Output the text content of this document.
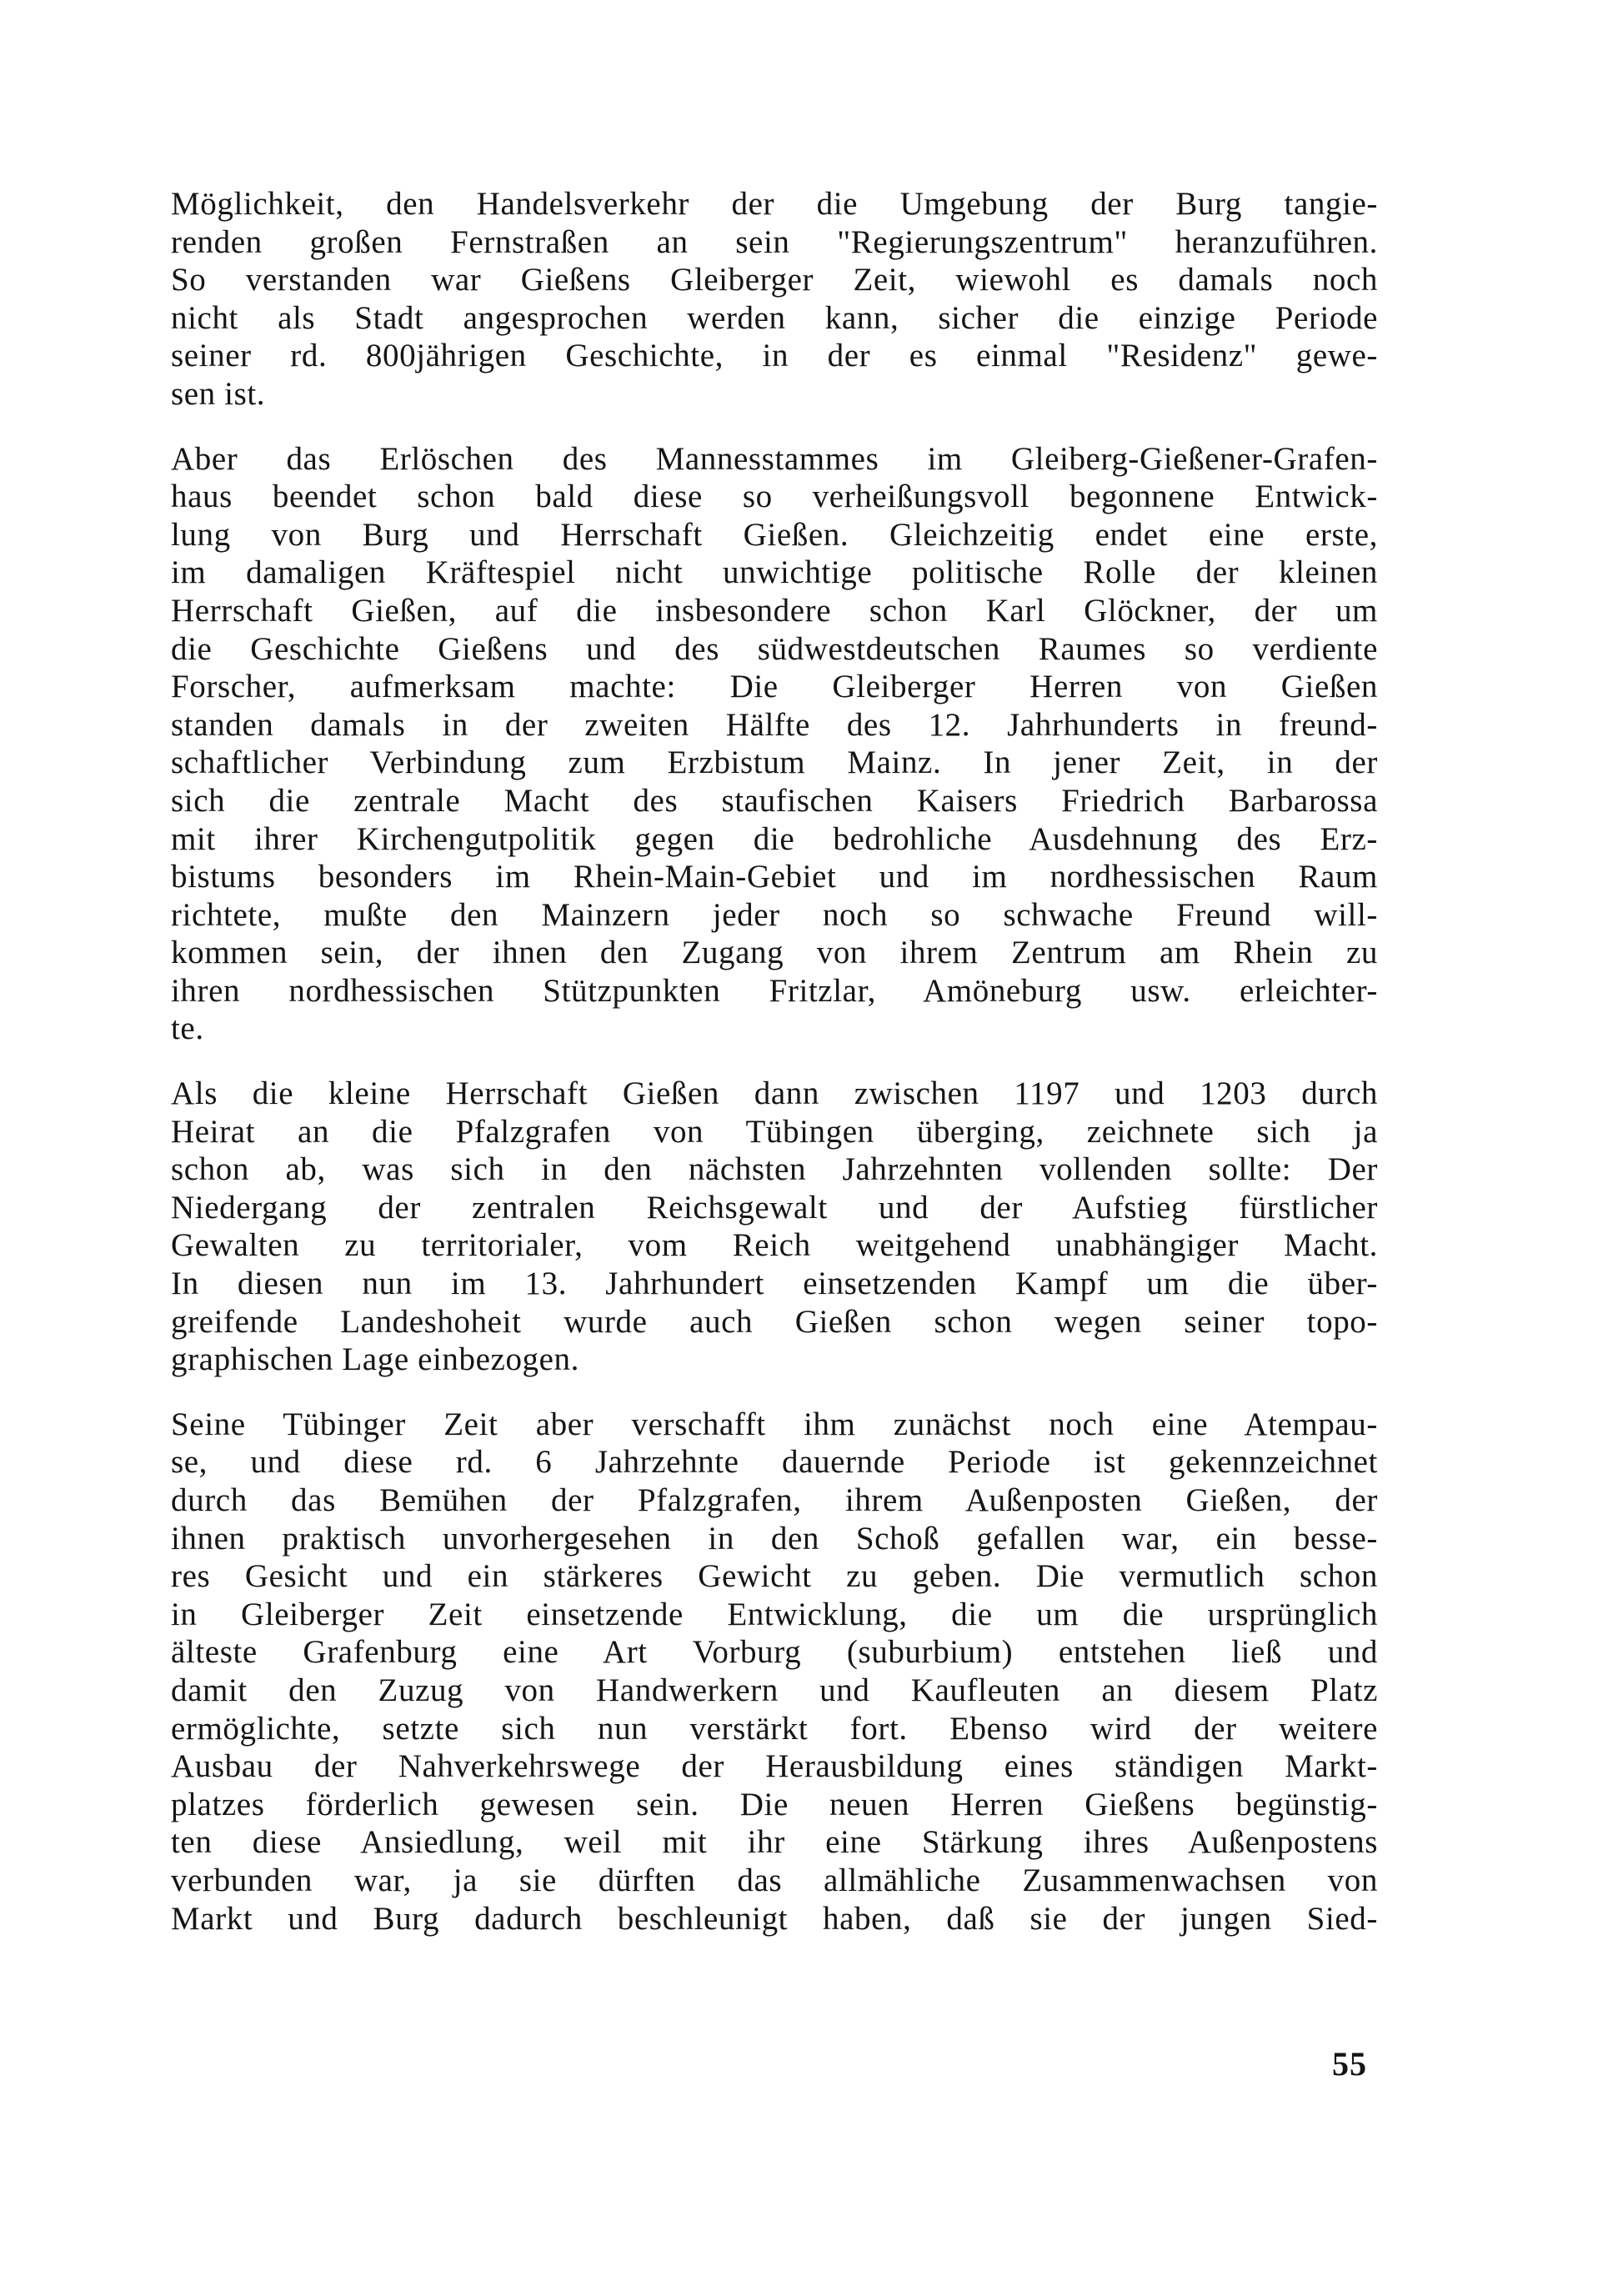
Möglichkeit, den Handelsverkehr der die Umgebung der Burg tangie-
renden großen Fernstraßen an sein "Regierungszentrum" heranzuführen.
So verstanden war Gießens Gleiberger Zeit, wiewohl es damals noch
nicht als Stadt angesprochen werden kann, sicher die einzige Periode
seiner rd. 800jährigen Geschichte, in der es einmal "Residenz" gewe-
sen ist.

Aber das Erlöschen des Mannesstammes im Gleiberg-Gießener-Grafen-
haus beendet schon bald diese so verheißungsvoll begonnene Entwick-
lung von Burg und Herrschaft Gießen. Gleichzeitig endet eine erste,
im damaligen Kräftespiel nicht unwichtige politische Rolle der kleinen
Herrschaft Gießen, auf die insbesondere schon Karl Glöckner, der um
die Geschichte Gießens und des südwestdeutschen Raumes so verdiente
Forscher, aufmerksam machte: Die Gleiberger Herren von Gießen
standen damals in der zweiten Hälfte des 12. Jahrhunderts in freund-
schaftlicher Verbindung zum Erzbistum Mainz. In jener Zeit, in der
sich die zentrale Macht des staufischen Kaisers Friedrich Barbarossa
mit ihrer Kirchengutpolitik gegen die bedrohliche Ausdehnung des Erz-
bistums besonders im Rhein-Main-Gebiet und im nordhessischen Raum
richtete, mußte den Mainzern jeder noch so schwache Freund will-
kommen sein, der ihnen den Zugang von ihrem Zentrum am Rhein zu
ihren nordhessischen Stützpunkten Fritzlar, Amöneburg usw. erleichter-
te.

Als die kleine Herrschaft Gießen dann zwischen 1197 und 1203 durch
Heirat an die Pfalzgrafen von Tübingen überging, zeichnete sich ja
schon ab, was sich in den nächsten Jahrzehnten vollenden sollte: Der
Niedergang der zentralen Reichsgewalt und der Aufstieg fürstlicher
Gewalten zu territorialer, vom Reich weitgehend unabhängiger Macht.
In diesen nun im 13. Jahrhundert einsetzenden Kampf um die über-
greifende Landeshoheit wurde auch Gießen schon wegen seiner topo-
graphischen Lage einbezogen.

Seine Tübinger Zeit aber verschafft ihm zunächst noch eine Atempau-
se, und diese rd. 6 Jahrzehnte dauernde Periode ist gekennzeichnet
durch das Bemühen der Pfalzgrafen, ihrem Außenposten Gießen, der
ihnen praktisch unvorhergesehen in den Schoß gefallen war, ein besse-
res Gesicht und ein stärkeres Gewicht zu geben. Die vermutlich schon
in Gleiberger Zeit einsetzende Entwicklung, die um die ursprünglich
älteste Grafenburg eine Art Vorburg (suburbium) entstehen ließ und
damit den Zuzug von Handwerkern und Kaufleuten an diesem Platz
ermöglichte, setzte sich nun verstärkt fort. Ebenso wird der weitere
Ausbau der Nahverkehrswege der Herausbildung eines ständigen Markt-
platzes förderlich gewesen sein. Die neuen Herren Gießens begünstig-
ten diese Ansiedlung, weil mit ihr eine Stärkung ihres Außenpostens
verbunden war, ja sie dürften das allmähliche Zusammenwachsen von
Markt und Burg dadurch beschleunigt haben, daß sie der jungen Sied-

55
